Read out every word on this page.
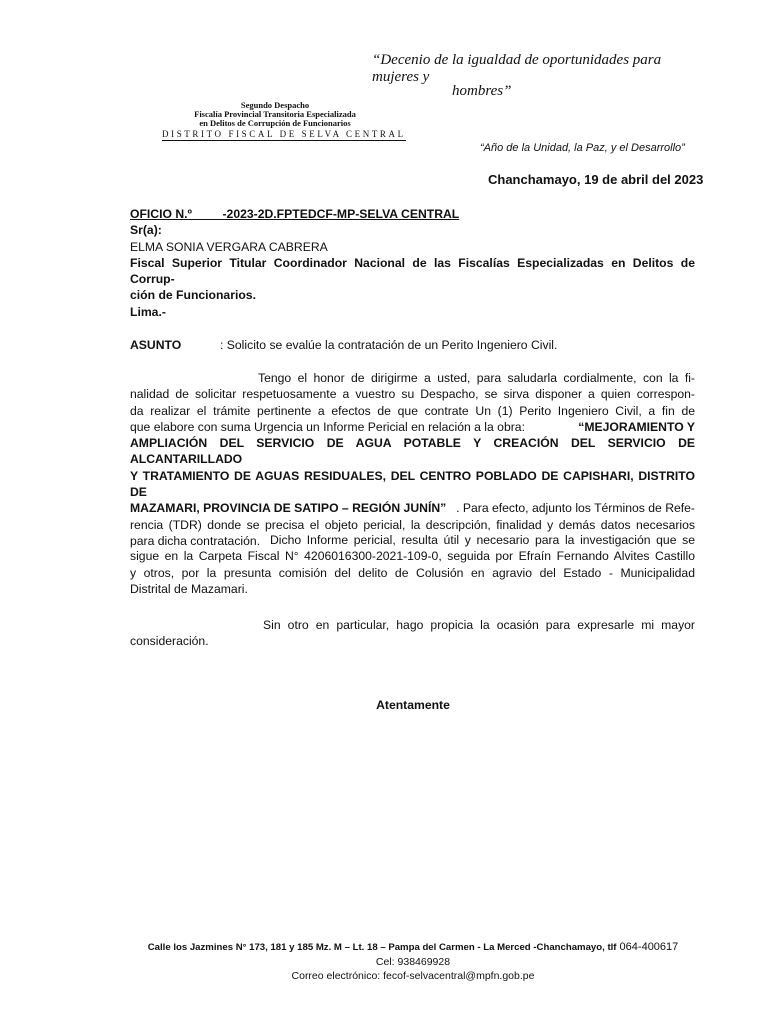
“Decenio de la igualdad de oportunidades para mujeres y
hombres”
Segundo Despacho
Fiscalía Provincial Transitoria Especializada
en Delitos de Corrupción de Funcionarios
DISTRITO FISCAL DE SELVA CENTRAL
“Año de la Unidad, la Paz, y el Desarrollo”
Chanchamayo, 19 de abril del 2023
OFICIO N.º         -2023-2D.FPTEDCF-MP-SELVA CENTRAL
Sr(a):
ELMA SONIA VERGARA CABRERA
Fiscal Superior Titular Coordinador Nacional de las Fiscalías Especializadas en Delitos de Corrup-
ción de Funcionarios.
Lima.-
ASUNTO	: Solicito se evalúe la contratación de un Perito Ingeniero Civil.
Tengo el honor de dirigirme a usted, para saludarla cordialmente, con la fi-
nalidad de solicitar respetuosamente a vuestro su Despacho, se sirva disponer a quien correspon-
da realizar el trámite pertinente a efectos de que contrate Un (1) Perito Ingeniero Civil, a fin de
que elabore con suma Urgencia un Informe Pericial en relación a la obra:	“MEJORAMIENTO Y
AMPLIACIÓN DEL SERVICIO DE AGUA POTABLE Y CREACIÓN DEL SERVICIO DE ALCANTARILLADO
Y TRATAMIENTO DE AGUAS RESIDUALES, DEL CENTRO POBLADO DE CAPISHARI, DISTRITO DE
MAZAMARI, PROVINCIA DE SATIPO – REGIÓN JUNÍN” . Para efecto, adjunto los Términos de Refe-
rencia (TDR) donde se precisa el objeto pericial, la descripción, finalidad y demás datos necesarios
para dicha contratación. Dicho Informe pericial, resulta útil y necesario para la investigación que se
sigue en la Carpeta Fiscal N° 4206016300-2021-109-0, seguida por Efraín Fernando Alvites Castillo
y otros, por la presunta comisión del delito de Colusión en agravio del Estado - Municipalidad
Distrital de Mazamari.
Sin otro en particular, hago propicia la ocasión para expresarle mi mayor
consideración.
Atentamente
Calle los Jazmines N° 173, 181 y 185 Mz. M – Lt. 18 – Pampa del Carmen - La Merced -Chanchamayo, tlf 064-400617
Cel: 938469928
Correo electrónico: fecof-selvacentral@mpfn.gob.pe
